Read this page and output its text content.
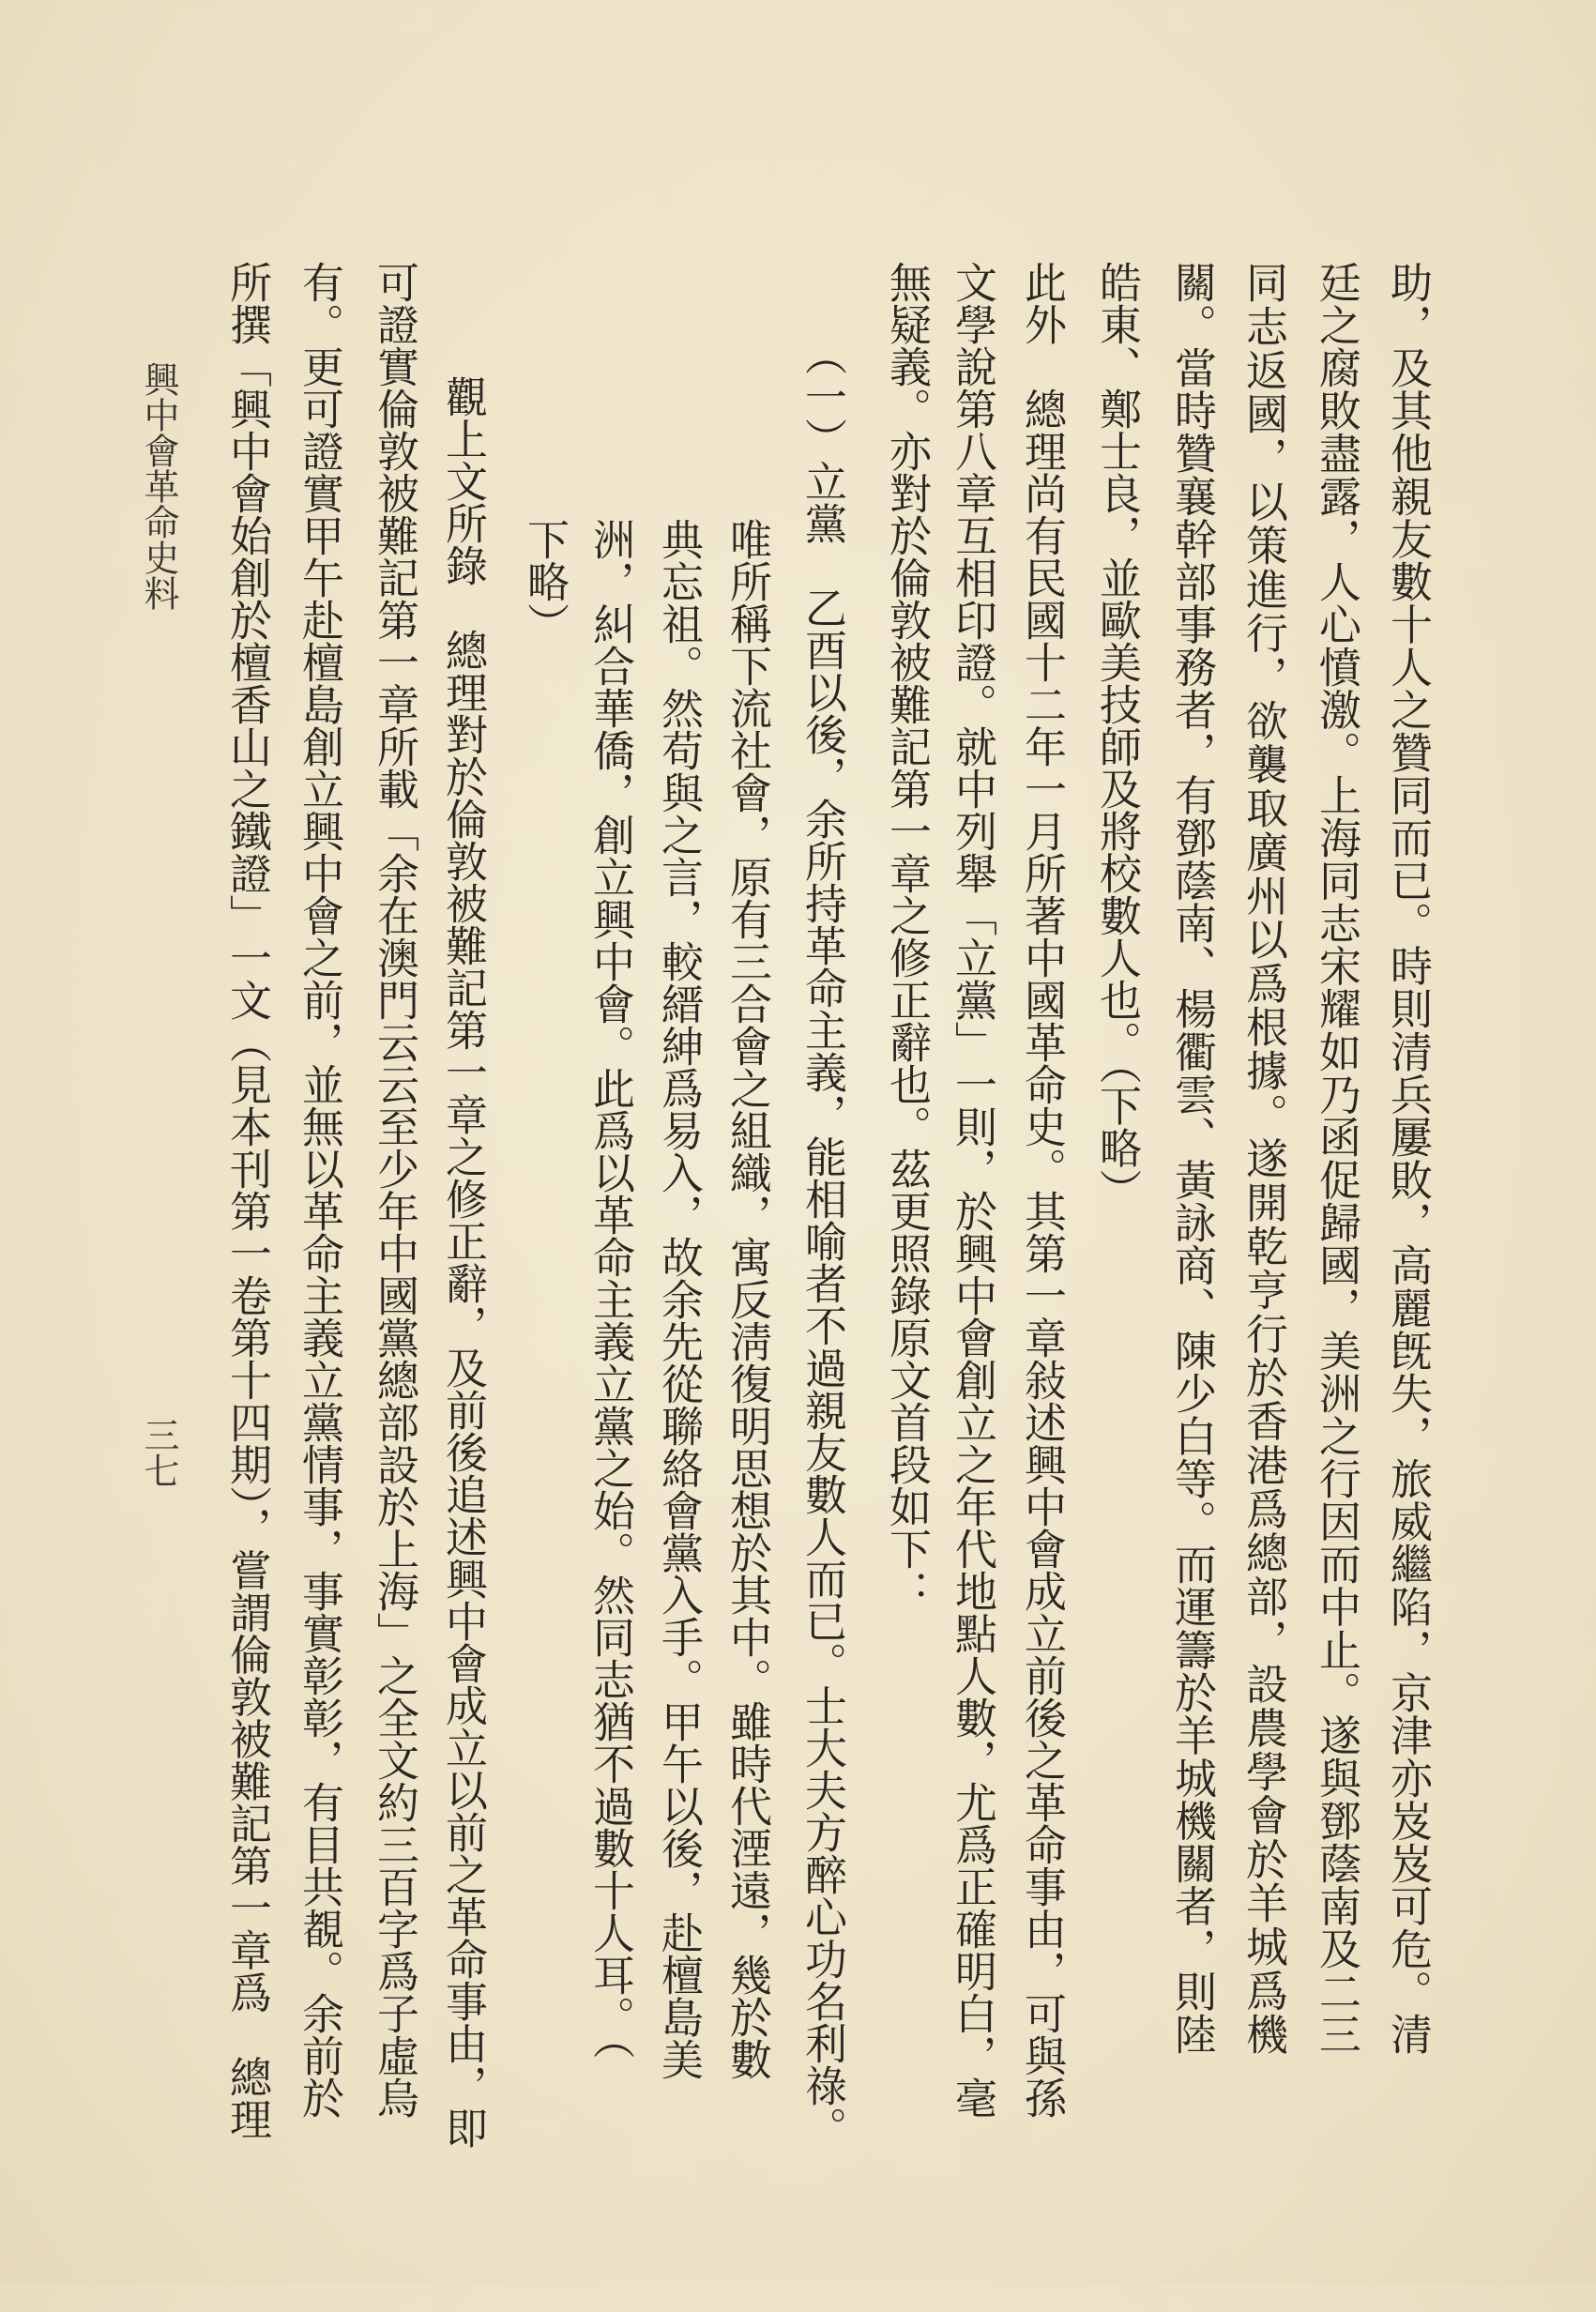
助，及其他親友數十人之贊同而已。時則清兵屢敗，高麗旣失，旅威繼陷，京津亦岌岌可危。清
廷之腐敗盡露，人心憤激。上海同志宋耀如乃函促歸國，美洲之行因而中止。遂與鄧蔭南及二三
同志返國，以策進行，欲襲取廣州以爲根據。遂開乾亨行於香港爲總部，設農學會於羊城爲機
關。當時贊襄幹部事務者，有鄧蔭南、楊衢雲、黃詠商、陳少白等。而運籌於羊城機關者，則陸
皓東、鄭士良，並歐美技師及將校數人也。（下略）
此外　總理尚有民國十二年一月所著中國革命史。其第一章敍述興中會成立前後之革命事由，可與孫
文學說第八章互相印證。就中列舉「立黨」一則，於興中會創立之年代地點人數，尤爲正確明白，毫
無疑義。亦對於倫敦被難記第一章之修正辭也。茲更照錄原文首段如下：
（一）立黨　乙酉以後，余所持革命主義，能相喻者不過親友數人而已。士大夫方醉心功名利祿。
唯所稱下流社會，原有三合會之組織，寓反淸復明思想於其中。雖時代湮遠，幾於數
典忘祖。然苟與之言，較縉紳爲易入，故余先從聯絡會黨入手。甲午以後，赴檀島美
洲，糾合華僑，創立興中會。此爲以革命主義立黨之始。然同志猶不過數十人耳。（
下略）
觀上文所錄　總理對於倫敦被難記第一章之修正辭，及前後追述興中會成立以前之革命事由，即
可證實倫敦被難記第一章所載「余在澳門云云至少年中國黨總部設於上海」之全文約三百字爲子虛烏
有。更可證實甲午赴檀島創立興中會之前，並無以革命主義立黨情事，事實彰彰，有目共覩。余前於
所撰「興中會始創於檀香山之鐵證」一文（見本刊第一卷第十四期），嘗謂倫敦被難記第一章爲　總理
興中會革命史料
三七
